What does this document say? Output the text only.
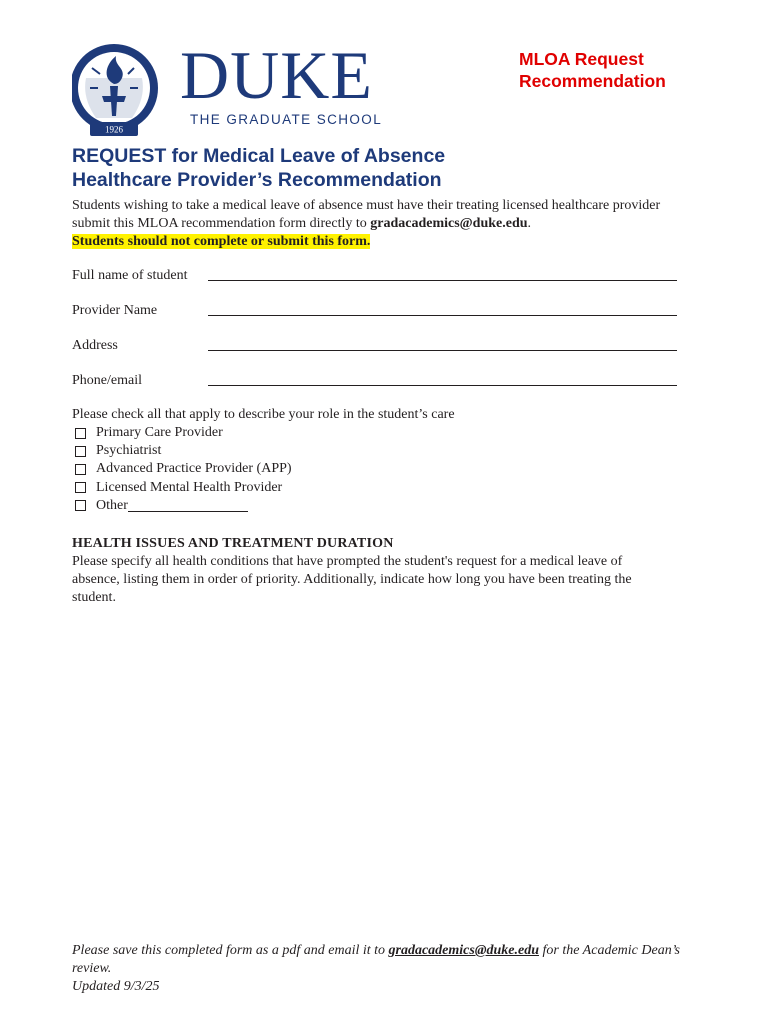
1926
DUKE
THE GRADUATE SCHOOL
MLOA Request
Recommendation
REQUEST for Medical Leave of Absence
Healthcare Provider’s Recommendation
Students wishing to take a medical leave of absence must have their treating licensed healthcare provider submit this MLOA recommendation form directly to gradacademics@duke.edu.
Students should not complete or submit this form.
Full name of student
Provider Name
Address
Phone/email
Please check all that apply to describe your role in the student’s care
Primary Care Provider
Psychiatrist
Advanced Practice Provider (APP)
Licensed Mental Health Provider
Other
HEALTH ISSUES AND TREATMENT DURATION
Please specify all health conditions that have prompted the student's request for a medical leave of absence, listing them in order of priority. Additionally, indicate how long you have been treating the student.
Please save this completed form as a pdf and email it to gradacademics@duke.edu for the Academic Dean’s review.
Updated 9/3/25
